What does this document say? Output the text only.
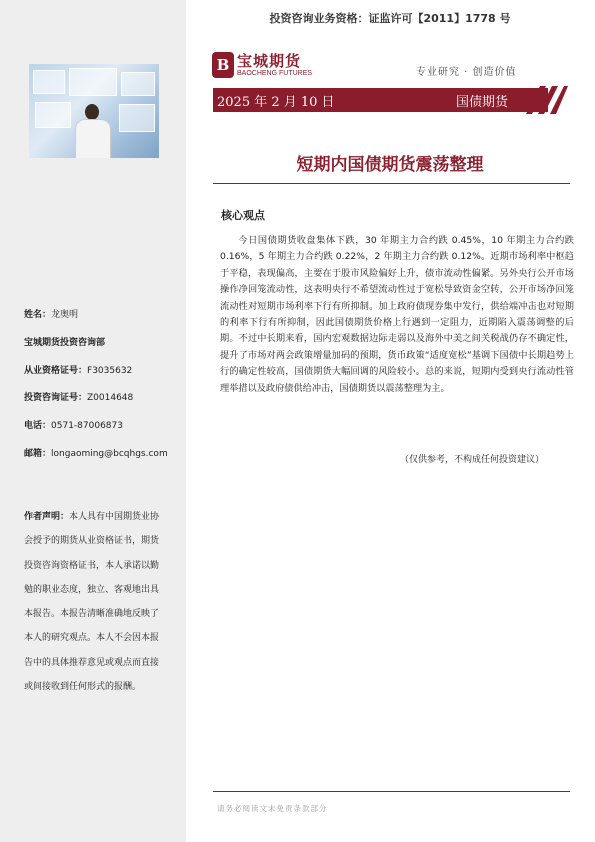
投资咨询业务资格：证监许可【2011】1778 号
B 宝城期货
BAOCHENG FUTURES	专业研究 · 创造价值
2025 年 2 月 10 日	国债期货
短期内国债期货震荡整理
核心观点

今日国债期货收盘集体下跌，30 年期主力合约跌 0.45%，10 年期主力合约跌 0.16%，5 年期主力合约跌 0.22%，2 年期主力合约跌 0.12%。近期市场利率中枢趋于平稳，表现偏高，主要在于股市风险偏好上升，债市流动性偏紧。另外央行公开市场操作净回笼流动性，这表明央行不希望流动性过于宽松导致资金空转，公开市场净回笼流动性对短期市场利率下行有所抑制。加上政府债现券集中发行，供给端冲击也对短期的利率下行有所抑制，因此国债期货价格上行遇到一定阻力，近期陷入震荡调整的后期。不过中长期来看，国内宏观数据边际走弱以及海外中美之间关税战仍存不确定性，提升了市场对两会政策增量加码的预期，货币政策“适度宽松”基调下国债中长期趋势上行的确定性较高，国债期货大幅回调的风险较小。总的来说，短期内受到央行流动性管理举措以及政府债供给冲击，国债期货以震荡整理为主。

（仅供参考，不构成任何投资建议）
姓名：龙奥明
宝城期货投资咨询部
从业资格证号：F3035632
投资咨询证号：Z0014648
电话：0571-87006873
邮箱：longaoming@bcqhgs.com

作者声明：本人具有中国期货业协会授予的期货从业资格证书，期货投资咨询资格证书，本人承诺以勤勉的职业态度，独立、客观地出具本报告。本报告清晰准确地反映了本人的研究观点。本人不会因本报告中的具体推荐意见或观点而直接或间接收到任何形式的报酬。

请务必阅读文末免责条款部分
